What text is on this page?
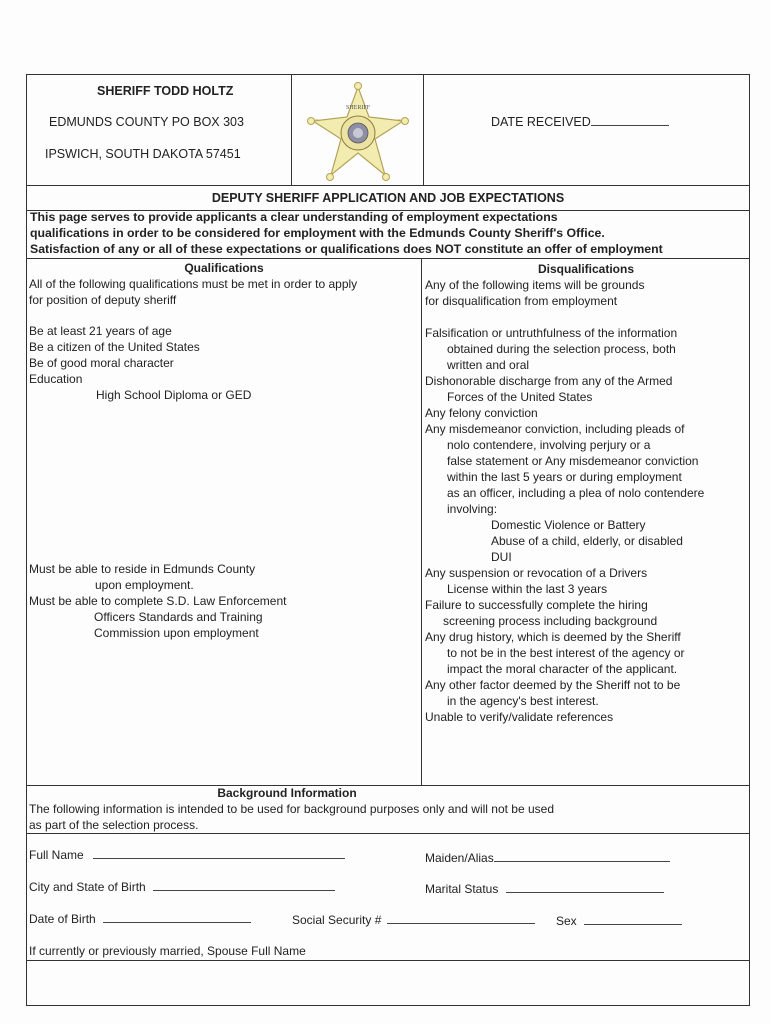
SHERIFF TODD HOLTZ
EDMUNDS COUNTY PO BOX 303
IPSWICH, SOUTH DAKOTA 57451
SHERIFF
DATE RECEIVED
DEPUTY SHERIFF APPLICATION AND JOB EXPECTATIONS
This page serves to provide applicants a clear understanding of employment expectations
qualifications in order to be considered for employment with the Edmunds County Sheriff's Office.
Satisfaction of any or all of these expectations or qualifications does NOT constitute an offer of employment
Qualifications
All of the following qualifications must be met in order to apply
for position of deputy sheriff
Be at least 21 years of age
Be a citizen of the United States
Be of good moral character
Education
High School Diploma or GED
Must be able to reside in Edmunds County
upon employment.
Must be able to complete S.D. Law Enforcement
Officers Standards and Training
Commission upon employment
Disqualifications
Any of the following items will be grounds
for disqualification from employment
Falsification or untruthfulness of the information
obtained during the selection process, both
written and oral
Dishonorable discharge from any of the Armed
Forces of the United States
Any felony conviction
Any misdemeanor conviction, including pleads of
nolo contendere, involving perjury or a
false statement or Any misdemeanor conviction
within the last 5 years or during employment
as an officer, including a plea of nolo contendere
involving:
Domestic Violence or Battery
Abuse of a child, elderly, or disabled
DUI
Any suspension or revocation of a Drivers
License within the last 3 years
Failure to successfully complete the hiring
screening process including background
Any drug history, which is deemed by the Sheriff
to not be in the best interest of the agency or
impact the moral character of the applicant.
Any other factor deemed by the Sheriff not to be
in the agency's best interest.
Unable to verify/validate references
Background Information
The following information is intended to be used for background purposes only and will not be used
as part of the selection process.
Full Name	Maiden/Alias
City and State of Birth	Marital Status
Date of Birth	Social Security #	Sex
If currently or previously married, Spouse Full Name
